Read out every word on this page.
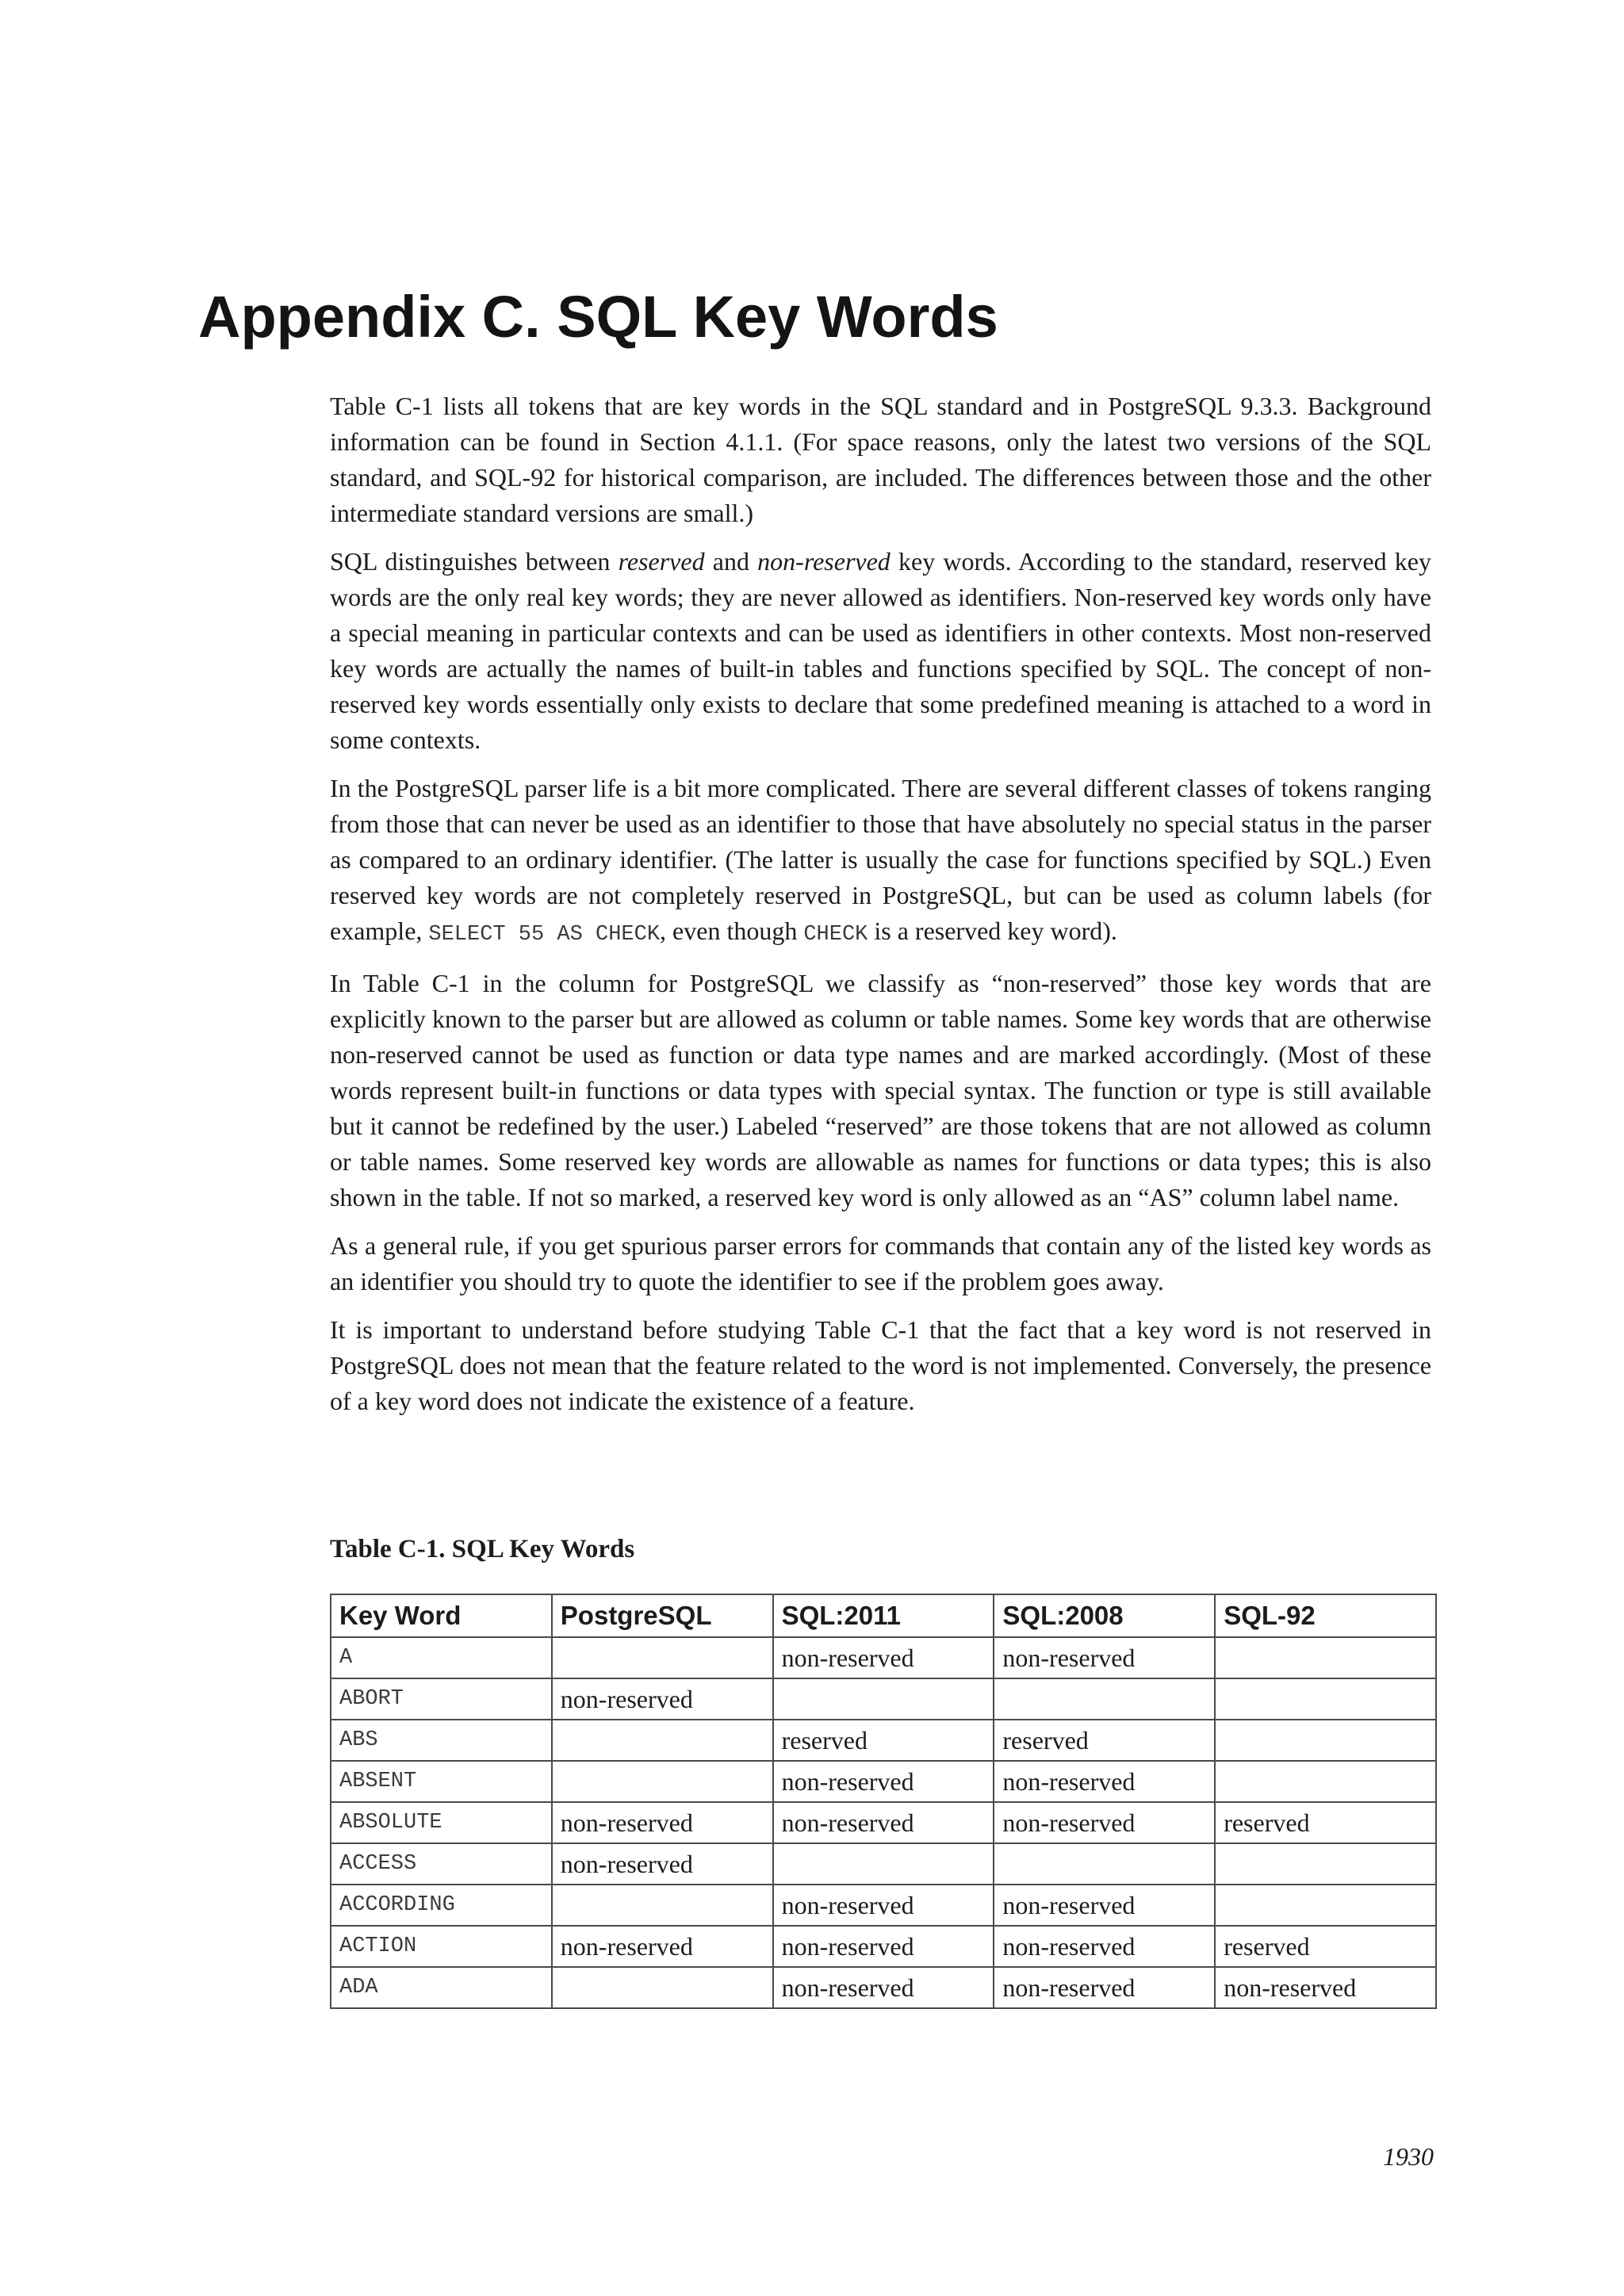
Appendix C. SQL Key Words

Table C-1 lists all tokens that are key words in the SQL standard and in PostgreSQL 9.3.3. Background information can be found in Section 4.1.1. (For space reasons, only the latest two versions of the SQL standard, and SQL-92 for historical comparison, are included. The differences between those and the other intermediate standard versions are small.)

SQL distinguishes between reserved and non-reserved key words. According to the standard, reserved key words are the only real key words; they are never allowed as identifiers. Non-reserved key words only have a special meaning in particular contexts and can be used as identifiers in other contexts. Most non-reserved key words are actually the names of built-in tables and functions specified by SQL. The concept of non-reserved key words essentially only exists to declare that some predefined meaning is attached to a word in some contexts.

In the PostgreSQL parser life is a bit more complicated. There are several different classes of tokens ranging from those that can never be used as an identifier to those that have absolutely no special status in the parser as compared to an ordinary identifier. (The latter is usually the case for functions specified by SQL.) Even reserved key words are not completely reserved in PostgreSQL, but can be used as column labels (for example, SELECT 55 AS CHECK, even though CHECK is a reserved key word).

In Table C-1 in the column for PostgreSQL we classify as “non-reserved” those key words that are explicitly known to the parser but are allowed as column or table names. Some key words that are otherwise non-reserved cannot be used as function or data type names and are marked accordingly. (Most of these words represent built-in functions or data types with special syntax. The function or type is still available but it cannot be redefined by the user.) Labeled “reserved” are those tokens that are not allowed as column or table names. Some reserved key words are allowable as names for functions or data types; this is also shown in the table. If not so marked, a reserved key word is only allowed as an “AS” column label name.

As a general rule, if you get spurious parser errors for commands that contain any of the listed key words as an identifier you should try to quote the identifier to see if the problem goes away.

It is important to understand before studying Table C-1 that the fact that a key word is not reserved in PostgreSQL does not mean that the feature related to the word is not implemented. Conversely, the presence of a key word does not indicate the existence of a feature.

Table C-1. SQL Key Words
Key Word	PostgreSQL	SQL:2011	SQL:2008	SQL-92
A		non-reserved	non-reserved	
ABORT	non-reserved			
ABS		reserved	reserved	
ABSENT		non-reserved	non-reserved	
ABSOLUTE	non-reserved	non-reserved	non-reserved	reserved
ACCESS	non-reserved			
ACCORDING		non-reserved	non-reserved	
ACTION	non-reserved	non-reserved	non-reserved	reserved
ADA		non-reserved	non-reserved	non-reserved
1930
